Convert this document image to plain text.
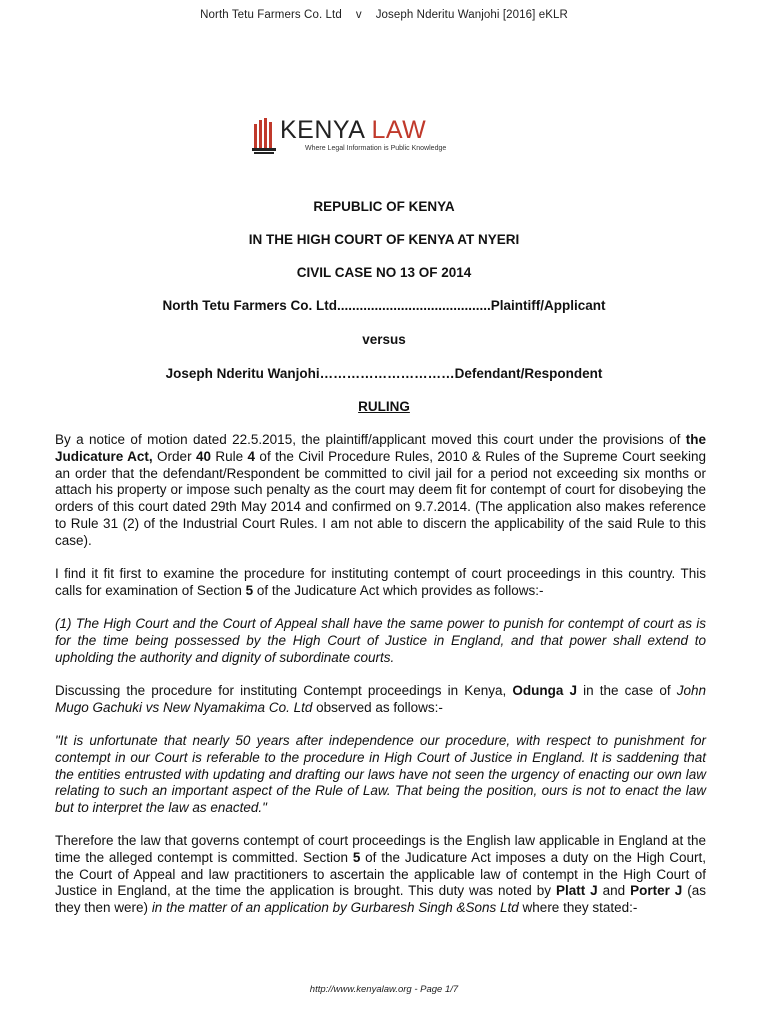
North Tetu Farmers Co. Ltd v Joseph Nderitu Wanjohi [2016] eKLR
KENYA LAW
Where Legal Information is Public Knowledge
REPUBLIC OF KENYA
IN THE HIGH COURT OF KENYA AT NYERI
CIVIL CASE NO 13 OF 2014
North Tetu Farmers Co. Ltd.........................................Plaintiff/Applicant
versus
Joseph Nderitu Wanjohi…………………………Defendant/Respondent
RULING

By a notice of motion dated 22.5.2015, the plaintiff/applicant moved this court under the provisions of the Judicature Act, Order 40 Rule 4 of the Civil Procedure Rules, 2010 & Rules of the Supreme Court seeking an order that the defendant/Respondent be committed to civil jail for a period not exceeding six months or attach his property or impose such penalty as the court may deem fit for contempt of court for disobeying the orders of this court dated 29th May 2014 and confirmed on 9.7.2014. (The application also makes reference to Rule 31 (2) of the Industrial Court Rules. I am not able to discern the applicability of the said Rule to this case).

I find it fit first to examine the procedure for instituting contempt of court proceedings in this country. This calls for examination of Section 5 of the Judicature Act which provides as follows:-

(1) The High Court and the Court of Appeal shall have the same power to punish for contempt of court as is for the time being possessed by the High Court of Justice in England, and that power shall extend to upholding the authority and dignity of subordinate courts.

Discussing the procedure for instituting Contempt proceedings in Kenya, Odunga J in the case of John Mugo Gachuki vs New Nyamakima Co. Ltd observed as follows:-

"It is unfortunate that nearly 50 years after independence our procedure, with respect to punishment for contempt in our Court is referable to the procedure in High Court of Justice in England. It is saddening that the entities entrusted with updating and drafting our laws have not seen the urgency of enacting our own law relating to such an important aspect of the Rule of Law. That being the position, ours is not to enact the law but to interpret the law as enacted."

Therefore the law that governs contempt of court proceedings is the English law applicable in England at the time the alleged contempt is committed. Section 5 of the Judicature Act imposes a duty on the High Court, the Court of Appeal and law practitioners to ascertain the applicable law of contempt in the High Court of Justice in England, at the time the application is brought. This duty was noted by Platt J and Porter J (as they then were) in the matter of an application by Gurbaresh Singh &Sons Ltd where they stated:-

http://www.kenyalaw.org - Page 1/7
